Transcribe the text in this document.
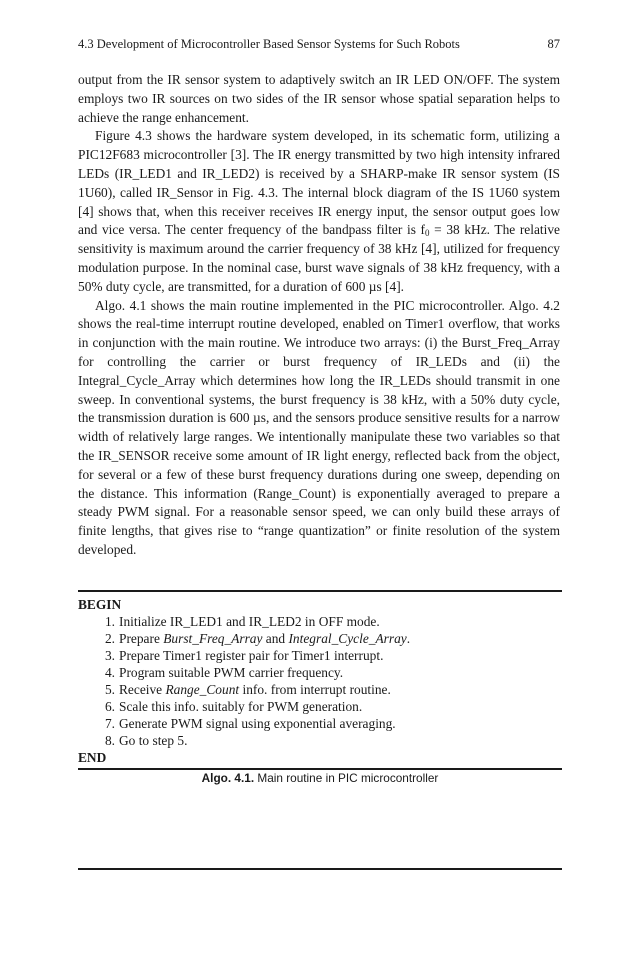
4.3 Development of Microcontroller Based Sensor Systems for Such Robots	87

output from the IR sensor system to adaptively switch an IR LED ON/OFF. The system employs two IR sources on two sides of the IR sensor whose spatial separation helps to achieve the range enhancement.

Figure 4.3 shows the hardware system developed, in its schematic form, utilizing a PIC12F683 microcontroller [3]. The IR energy transmitted by two high intensity infrared LEDs (IR_LED1 and IR_LED2) is received by a SHARP-make IR sensor system (IS 1U60), called IR_Sensor in Fig. 4.3. The internal block diagram of the IS 1U60 system [4] shows that, when this receiver receives IR energy input, the sensor output goes low and vice versa. The center frequency of the bandpass filter is $f_0 = 38$ kHz. The relative sensitivity is maximum around the carrier frequency of 38 kHz [4], utilized for frequency modulation purpose. In the nominal case, burst wave signals of 38 kHz frequency, with a 50% duty cycle, are transmitted, for a duration of 600 µs [4].

Algo. 4.1 shows the main routine implemented in the PIC microcontroller. Algo. 4.2 shows the real-time interrupt routine developed, enabled on Timer1 overflow, that works in conjunction with the main routine. We introduce two arrays: (i) the Burst_Freq_Array for controlling the carrier or burst frequency of IR_LEDs and (ii) the Integral_Cycle_Array which determines how long the IR_LEDs should transmit in one sweep. In conventional systems, the burst frequency is 38 kHz, with a 50% duty cycle, the transmission duration is 600 µs, and the sensors produce sensitive results for a narrow width of relatively large ranges. We intentionally manipulate these two variables so that the IR_SENSOR receive some amount of IR light energy, reflected back from the object, for several or a few of these burst frequency durations during one sweep, depending on the distance. This information (Range_Count) is exponentially averaged to prepare a steady PWM signal. For a reasonable sensor speed, we can only build these arrays of finite lengths, that gives rise to “range quantization” or finite resolution of the system developed.

BEGIN
1. Initialize IR_LED1 and IR_LED2 in OFF mode.
2. Prepare Burst_Freq_Array and Integral_Cycle_Array.
3. Prepare Timer1 register pair for Timer1 interrupt.
4. Program suitable PWM carrier frequency.
5. Receive Range_Count info. from interrupt routine.
6. Scale this info. suitably for PWM generation.
7. Generate PWM signal using exponential averaging.
8. Go to step 5.
END
Algo. 4.1. Main routine in PIC microcontroller
